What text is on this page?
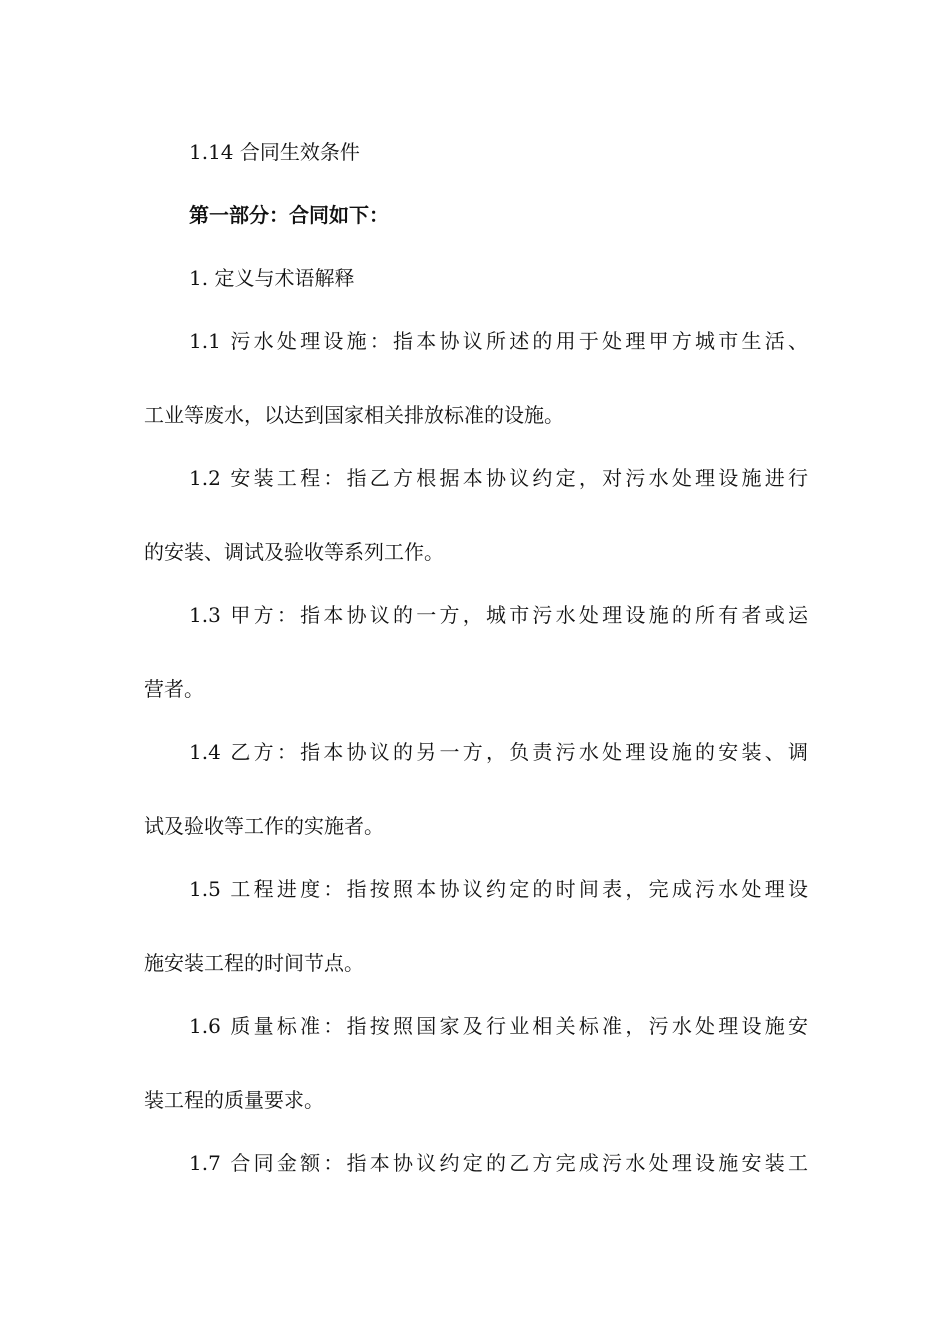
1.14 合同生效条件
第一部分：合同如下：
1. 定义与术语解释
1.1 污水处理设施：指本协议所述的用于处理甲方城市生活、
工业等废水，以达到国家相关排放标准的设施。
1.2 安装工程：指乙方根据本协议约定，对污水处理设施进行
的安装、调试及验收等系列工作。
1.3 甲方：指本协议的一方，城市污水处理设施的所有者或运
营者。
1.4 乙方：指本协议的另一方，负责污水处理设施的安装、调
试及验收等工作的实施者。
1.5 工程进度：指按照本协议约定的时间表，完成污水处理设
施安装工程的时间节点。
1.6 质量标准：指按照国家及行业相关标准，污水处理设施安
装工程的质量要求。
1.7 合同金额：指本协议约定的乙方完成污水处理设施安装工
